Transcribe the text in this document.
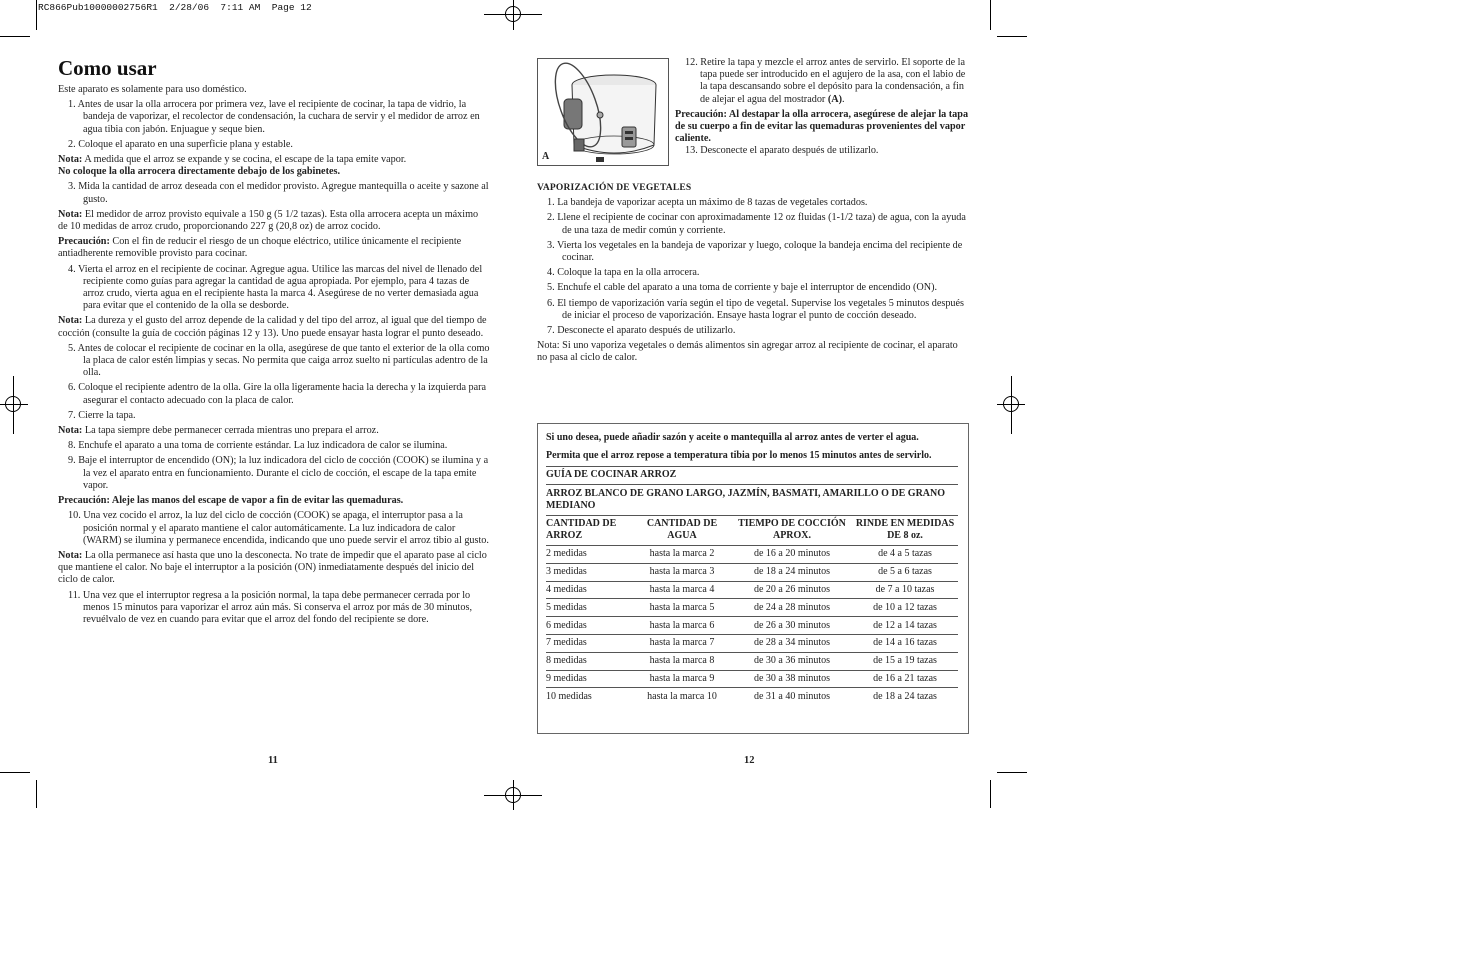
RC866Pub10000002756R1  2/28/06  7:11 AM  Page 12
Como usar

Este aparato es solamente para uso doméstico.

1. Antes de usar la olla arrocera por primera vez, lave el recipiente de cocinar, la tapa de vidrio, la bandeja de vaporizar, el recolector de condensación, la cuchara de servir y el medidor de arroz en agua tibia con jabón. Enjuague y seque bien.

2. Coloque el aparato en una superficie plana y estable.

Nota: A medida que el arroz se expande y se cocina, el escape de la tapa emite vapor.

No coloque la olla arrocera directamente debajo de los gabinetes.

3. Mida la cantidad de arroz deseada con el medidor provisto. Agregue mantequilla o aceite y sazone al gusto.

Nota: El medidor de arroz provisto equivale a 150 g (5 1/2 tazas). Esta olla arrocera acepta un máximo de 10 medidas de arroz crudo, proporcionando 227 g (20,8 oz) de arroz cocido.

Precaución: Con el fin de reducir el riesgo de un choque eléctrico, utilice únicamente el recipiente antiadherente removible provisto para cocinar.

4. Vierta el arroz en el recipiente de cocinar. Agregue agua. Utilice las marcas del nivel de llenado del recipiente como guías para agregar la cantidad de agua apropiada. Por ejemplo, para 4 tazas de arroz crudo, vierta agua en el recipiente hasta la marca 4. Asegúrese de no verter demasiada agua para evitar que el contenido de la olla se desborde.

Nota: La dureza y el gusto del arroz depende de la calidad y del tipo del arroz, al igual que del tiempo de cocción (consulte la guía de cocción páginas 12 y 13). Uno puede ensayar hasta lograr el punto deseado.

5. Antes de colocar el recipiente de cocinar en la olla, asegúrese de que tanto el exterior de la olla como la placa de calor estén limpias y secas. No permita que caiga arroz suelto ni partículas adentro de la olla.

6. Coloque el recipiente adentro de la olla. Gire la olla ligeramente hacia la derecha y la izquierda para asegurar el contacto adecuado con la placa de calor.

7. Cierre la tapa.

Nota: La tapa siempre debe permanecer cerrada mientras uno prepara el arroz.

8. Enchufe el aparato a una toma de corriente estándar. La luz indicadora de calor se ilumina.

9. Baje el interruptor de encendido (ON); la luz indicadora del ciclo de cocción (COOK) se ilumina y a la vez el aparato entra en funcionamiento. Durante el ciclo de cocción, el escape de la tapa emite vapor.

Precaución: Aleje las manos del escape de vapor a fin de evitar las quemaduras.

10. Una vez cocido el arroz, la luz del ciclo de cocción (COOK) se apaga, el interruptor pasa a la posición normal y el aparato mantiene el calor automáticamente. La luz indicadora de calor (WARM) se ilumina y permanece encendida, indicando que uno puede servir el arroz tibio al gusto.

Nota: La olla permanece así hasta que uno la desconecta. No trate de impedir que el aparato pase al ciclo que mantiene el calor. No baje el interruptor a la posición (ON) inmediatamente después del inicio del ciclo de calor.

11. Una vez que el interruptor regresa a la posición normal, la tapa debe permanecer cerrada por lo menos 15 minutos para vaporizar el arroz aún más. Si conserva el arroz por más de 30 minutos, revuélvalo de vez en cuando para evitar que el arroz del fondo del recipiente se dore.

11
A

12. Retire la tapa y mezcle el arroz antes de servirlo. El soporte de la tapa puede ser introducido en el agujero de la asa, con el labio de la tapa descansando sobre el depósito para la condensación, a fin de alejar el agua del mostrador (A).

Precaución: Al destapar la olla arrocera, asegúrese de alejar la tapa de su cuerpo a fin de evitar las quemaduras provenientes del vapor caliente.

13. Desconecte el aparato después de utilizarlo.

VAPORIZACIÓN DE VEGETALES

1. La bandeja de vaporizar acepta un máximo de 8 tazas de vegetales cortados.

2. Llene el recipiente de cocinar con aproximadamente 12 oz fluidas (1-1/2 taza) de agua, con la ayuda de una taza de medir común y corriente.

3. Vierta los vegetales en la bandeja de vaporizar y luego, coloque la bandeja encima del recipiente de cocinar.

4. Coloque la tapa en la olla arrocera.

5. Enchufe el cable del aparato a una toma de corriente y baje el interruptor de encendido (ON).

6. El tiempo de vaporización varía según el tipo de vegetal. Supervise los vegetales 5 minutos después de iniciar el proceso de vaporización. Ensaye hasta lograr el punto de cocción deseado.

7. Desconecte el aparato después de utilizarlo.

Nota: Si uno vaporiza vegetales o demás alimentos sin agregar arroz al recipiente de cocinar, el aparato no pasa al ciclo de calor.

Si uno desea, puede añadir sazón y aceite o mantequilla al arroz antes de verter el agua.

Permita que el arroz repose a temperatura tibia por lo menos 15 minutos antes de servirlo.

GUÍA DE COCINAR ARROZ

ARROZ BLANCO DE GRANO LARGO, JAZMÍN, BASMATI, AMARILLO O DE GRANO MEDIANO

CANTIDAD DE ARROZ	CANTIDAD DE AGUA	TIEMPO DE COCCIÓN APROX.	RINDE EN MEDIDAS DE 8 oz.
2 medidas	hasta la marca 2	de 16 a 20 minutos	de 4 a 5 tazas
3 medidas	hasta la marca 3	de 18 a 24 minutos	de 5 a 6 tazas
4 medidas	hasta la marca 4	de 20 a 26 minutos	de 7 a 10 tazas
5 medidas	hasta la marca 5	de 24 a 28 minutos	de 10 a 12 tazas
6 medidas	hasta la marca 6	de 26 a 30 minutos	de 12 a 14 tazas
7 medidas	hasta la marca 7	de 28 a 34 minutos	de 14 a 16 tazas
8 medidas	hasta la marca 8	de 30 a 36 minutos	de 15 a 19 tazas
9 medidas	hasta la marca 9	de 30 a 38 minutos	de 16 a 21 tazas
10 medidas	hasta la marca 10	de 31 a 40 minutos	de 18 a 24 tazas
12
